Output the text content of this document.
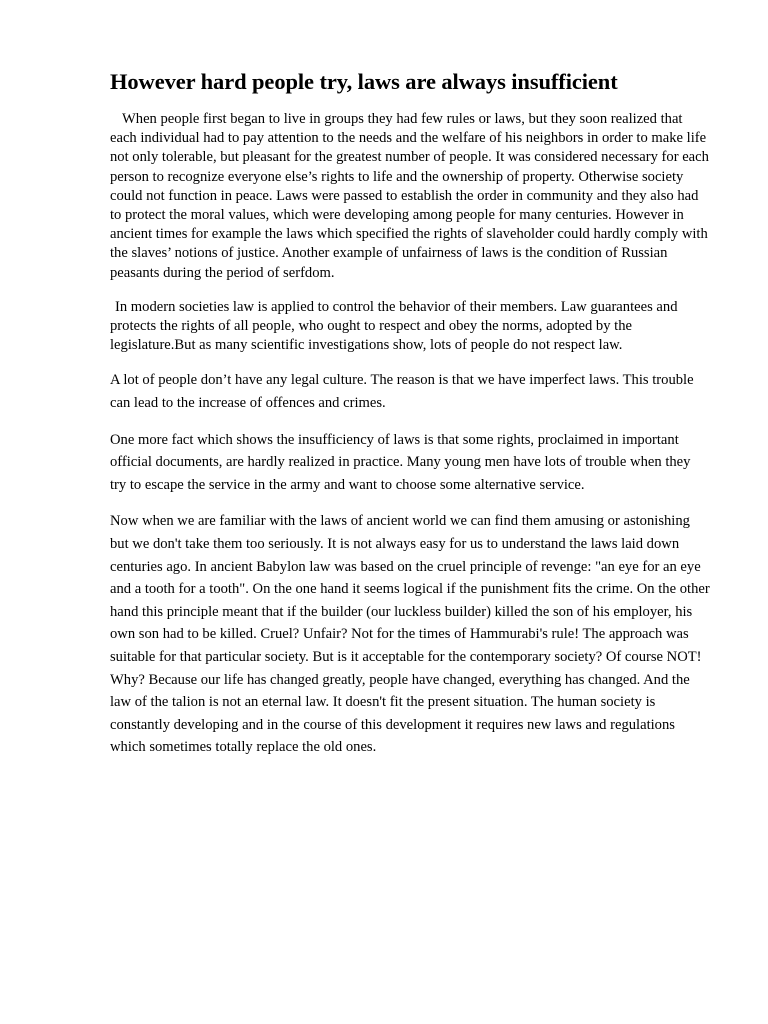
However hard people try, laws are always insufficient

When people first began to live in groups they had few rules or laws, but they soon realized that each individual had to pay attention to the needs and the welfare of his neighbors in order to make life not only tolerable, but pleasant for the greatest number of people. It was considered necessary for each person to recognize everyone else’s rights to life and the ownership of property. Otherwise society could not function in peace. Laws were passed to establish the order in community and they also had to protect the moral values, which were developing among people for many centuries. However in ancient times for example the laws which specified the rights of slaveholder could hardly comply with the slaves’ notions of justice. Another example of unfairness of laws is the condition of Russian peasants during the period of serfdom.

In modern societies law is applied to control the behavior of their members. Law guarantees and protects the rights of all people, who ought to respect and obey the norms, adopted by the legislature.But as many scientific investigations show, lots of people do not respect law.

A lot of people don’t have any legal culture. The reason is that we have imperfect laws. This trouble can lead to the increase of offences and crimes.

One more fact which shows the insufficiency of laws is that some rights, proclaimed in important official documents, are hardly realized in practice. Many young men have lots of trouble when they try to escape the service in the army and want to choose some alternative service.

Now when we are familiar with the laws of ancient world we can find them amusing or astonishing but we don't take them too seriously. It is not always easy for us to understand the laws laid down centuries ago. In ancient Babylon law was based on the cruel principle of revenge: "an eye for an eye and a tooth for a tooth". On the one hand it seems logical if the punishment fits the crime. On the other hand this principle meant that if the builder (our luckless builder) killed the son of his employer, his own son had to be killed. Cruel? Unfair? Not for the times of Hammurabi's rule! The approach was suitable for that particular society. But is it acceptable for the contemporary society? Of course NOT! Why? Because our life has changed greatly, people have changed, everything has changed. And the law of the talion is not an eternal law. It doesn't fit the present situation. The human society is constantly developing and in the course of this development it requires new laws and regulations which sometimes totally replace the old ones.
